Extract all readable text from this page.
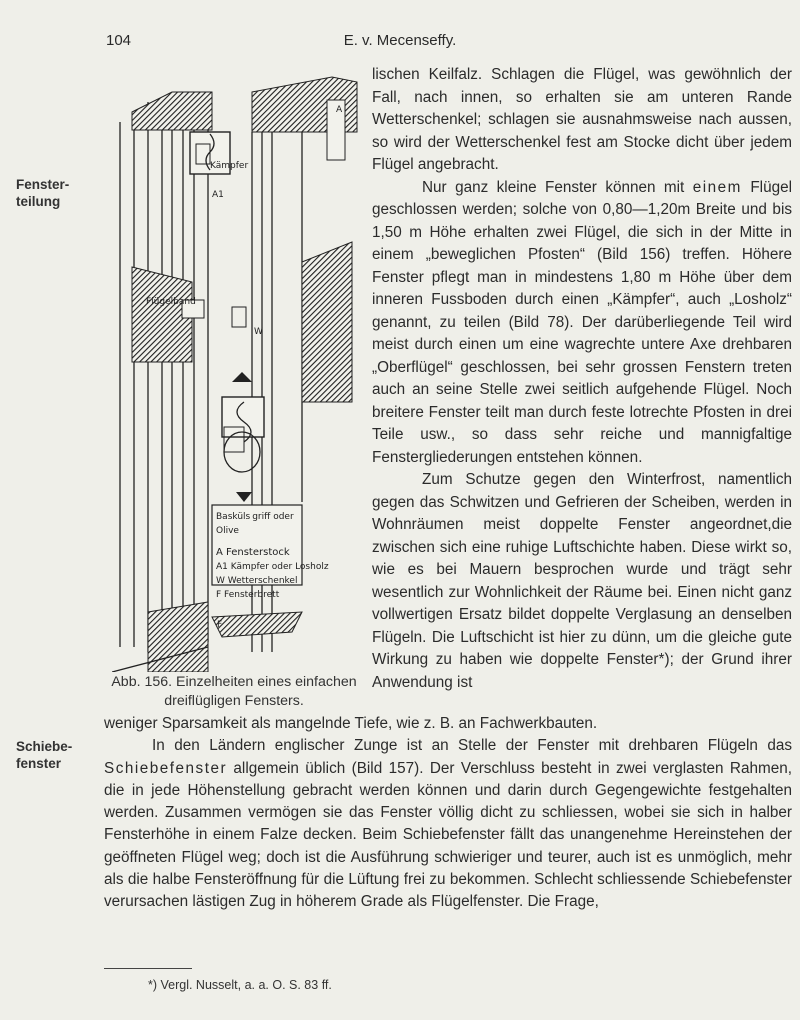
104	E. v. Mecenseffy.
Fenster-
teilung
Schiebe-
fenster
Kämpfer
Flügelband
Basküls griff oder
Olive
A Fensterstock
A1 Kämpfer oder Losholz
W Wetterschenkel
F Fensterbrett
F
A1
W
A
Abb. 156. Einzelheiten eines einfachen
dreiflügligen Fensters.

lischen Keilfalz. Schlagen die Flügel, was gewöhnlich der Fall, nach innen, so erhalten sie am unteren Rande Wetterschenkel; schlagen sie ausnahmsweise nach aussen, so wird der Wetterschenkel fest am Stocke dicht über jedem Flügel angebracht.

Nur ganz kleine Fenster können mit einem Flügel geschlossen werden; solche von 0,80—1,20m Breite und bis 1,50 m Höhe erhalten zwei Flügel, die sich in der Mitte in einem „beweglichen Pfosten“ (Bild 156) treffen. Höhere Fenster pflegt man in mindestens 1,80 m Höhe über dem inneren Fussboden durch einen „Kämpfer“, auch „Losholz“ genannt, zu teilen (Bild 78). Der darüberliegende Teil wird meist durch einen um eine wagrechte untere Axe drehbaren „Oberflügel“ geschlossen, bei sehr grossen Fenstern treten auch an seine Stelle zwei seitlich aufgehende Flügel. Noch breitere Fenster teilt man durch feste lotrechte Pfosten in drei Teile usw., so dass sehr reiche und mannigfaltige Fenstergliederungen entstehen können.

Zum Schutze gegen den Winterfrost, namentlich gegen das Schwitzen und Gefrieren der Scheiben, werden in Wohnräumen meist doppelte Fenster angeordnet,die zwischen sich eine ruhige Luftschichte haben. Diese wirkt so, wie es bei Mauern besprochen wurde und trägt sehr wesentlich zur Wohnlichkeit der Räume bei. Einen nicht ganz vollwertigen Ersatz bildet doppelte Verglasung an denselben Flügeln. Die Luftschicht ist hier zu dünn, um die gleiche gute Wirkung zu haben wie doppelte Fenster*); der Grund ihrer Anwendung ist

weniger Sparsamkeit als mangelnde Tiefe, wie z. B. an Fachwerkbauten.

In den Ländern englischer Zunge ist an Stelle der Fenster mit drehbaren Flügeln das Schiebefenster allgemein üblich (Bild 157). Der Verschluss besteht in zwei verglasten Rahmen, die in jede Höhenstellung gebracht werden können und darin durch Gegengewichte festgehalten werden. Zusammen vermögen sie das Fenster völlig dicht zu schliessen, wobei sie sich in halber Fensterhöhe in einem Falze decken. Beim Schiebefenster fällt das unangenehme Hereinstehen der geöffneten Flügel weg; doch ist die Ausführung schwieriger und teurer, auch ist es unmöglich, mehr als die halbe Fensteröffnung für die Lüftung frei zu bekommen. Schlecht schliessende Schiebefenster verursachen lästigen Zug in höherem Grade als Flügelfenster. Die Frage,

*) Vergl. Nusselt, a. a. O. S. 83 ff.
